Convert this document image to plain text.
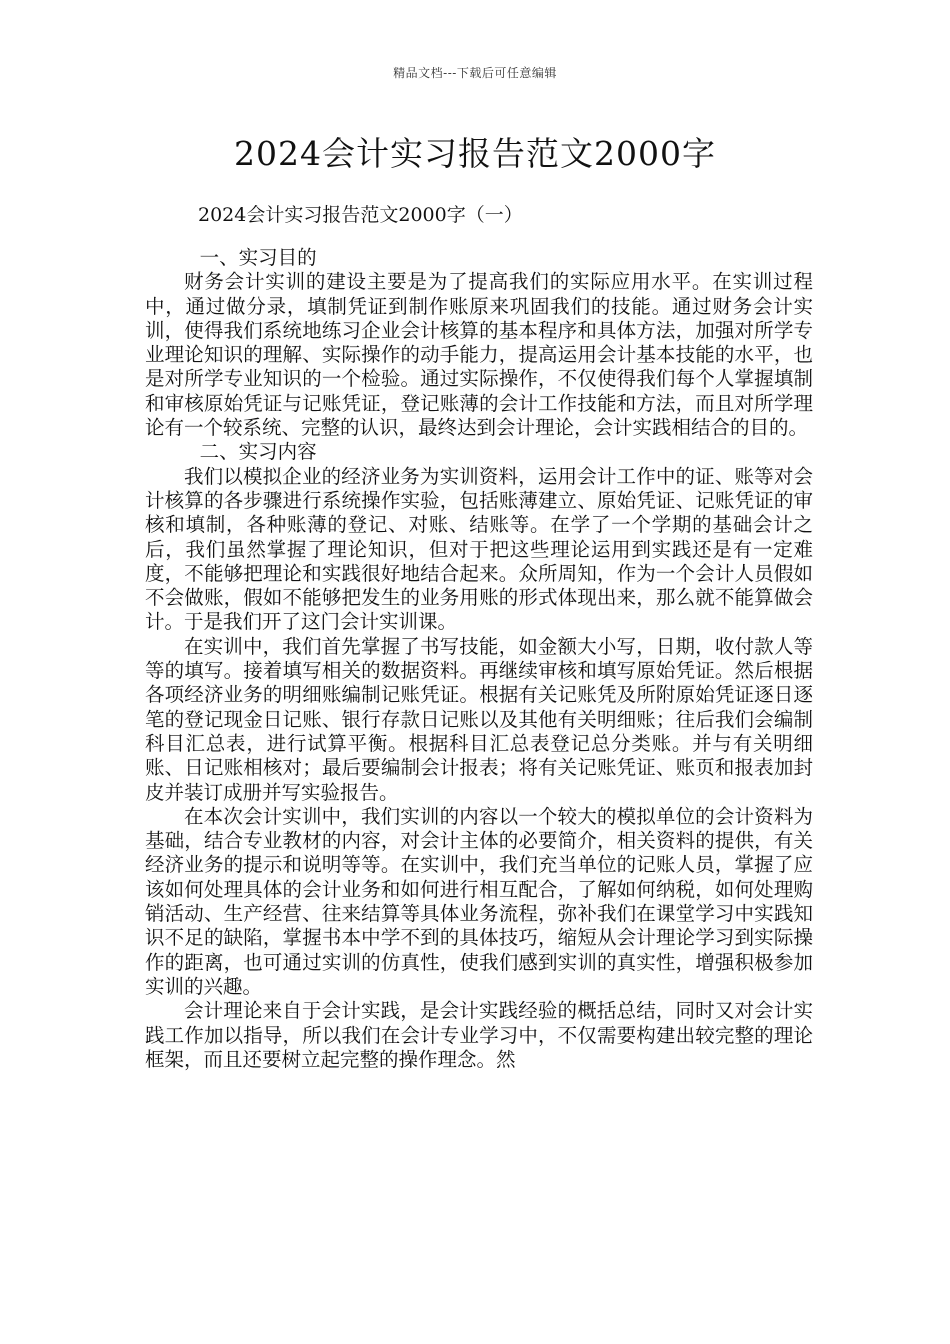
精品文档---下载后可任意编辑
2024会计实习报告范文2000字
2024会计实习报告范文2000字（一）
一、实习目的

财务会计实训的建设主要是为了提高我们的实际应用水平。在实训过程中，通过做分录，填制凭证到制作账原来巩固我们的技能。通过财务会计实训，使得我们系统地练习企业会计核算的基本程序和具体方法，加强对所学专业理论知识的理解、实际操作的动手能力，提高运用会计基本技能的水平，也是对所学专业知识的一个检验。通过实际操作，不仅使得我们每个人掌握填制和审核原始凭证与记账凭证，登记账薄的会计工作技能和方法，而且对所学理论有一个较系统、完整的认识，最终达到会计理论，会计实践相结合的目的。

二、实习内容

我们以模拟企业的经济业务为实训资料，运用会计工作中的证、账等对会计核算的各步骤进行系统操作实验，包括账薄建立、原始凭证、记账凭证的审核和填制，各种账薄的登记、对账、结账等。在学了一个学期的基础会计之后，我们虽然掌握了理论知识，但对于把这些理论运用到实践还是有一定难度，不能够把理论和实践很好地结合起来。众所周知，作为一个会计人员假如不会做账，假如不能够把发生的业务用账的形式体现出来，那么就不能算做会计。于是我们开了这门会计实训课。

在实训中，我们首先掌握了书写技能，如金额大小写，日期，收付款人等等的填写。接着填写相关的数据资料。再继续审核和填写原始凭证。然后根据各项经济业务的明细账编制记账凭证。根据有关记账凭及所附原始凭证逐日逐笔的登记现金日记账、银行存款日记账以及其他有关明细账；往后我们会编制科目汇总表，进行试算平衡。根据科目汇总表登记总分类账。并与有关明细账、日记账相核对；最后要编制会计报表；将有关记账凭证、账页和报表加封皮并装订成册并写实验报告。

在本次会计实训中，我们实训的内容以一个较大的模拟单位的会计资料为基础，结合专业教材的内容，对会计主体的必要简介，相关资料的提供，有关经济业务的提示和说明等等。在实训中，我们充当单位的记账人员，掌握了应该如何处理具体的会计业务和如何进行相互配合，了解如何纳税，如何处理购销活动、生产经营、往来结算等具体业务流程，弥补我们在课堂学习中实践知识不足的缺陷，掌握书本中学不到的具体技巧，缩短从会计理论学习到实际操作的距离，也可通过实训的仿真性，使我们感到实训的真实性，增强积极参加实训的兴趣。

会计理论来自于会计实践，是会计实践经验的概括总结，同时又对会计实践工作加以指导，所以我们在会计专业学习中，不仅需要构建出较完整的理论框架，而且还要树立起完整的操作理念。然
